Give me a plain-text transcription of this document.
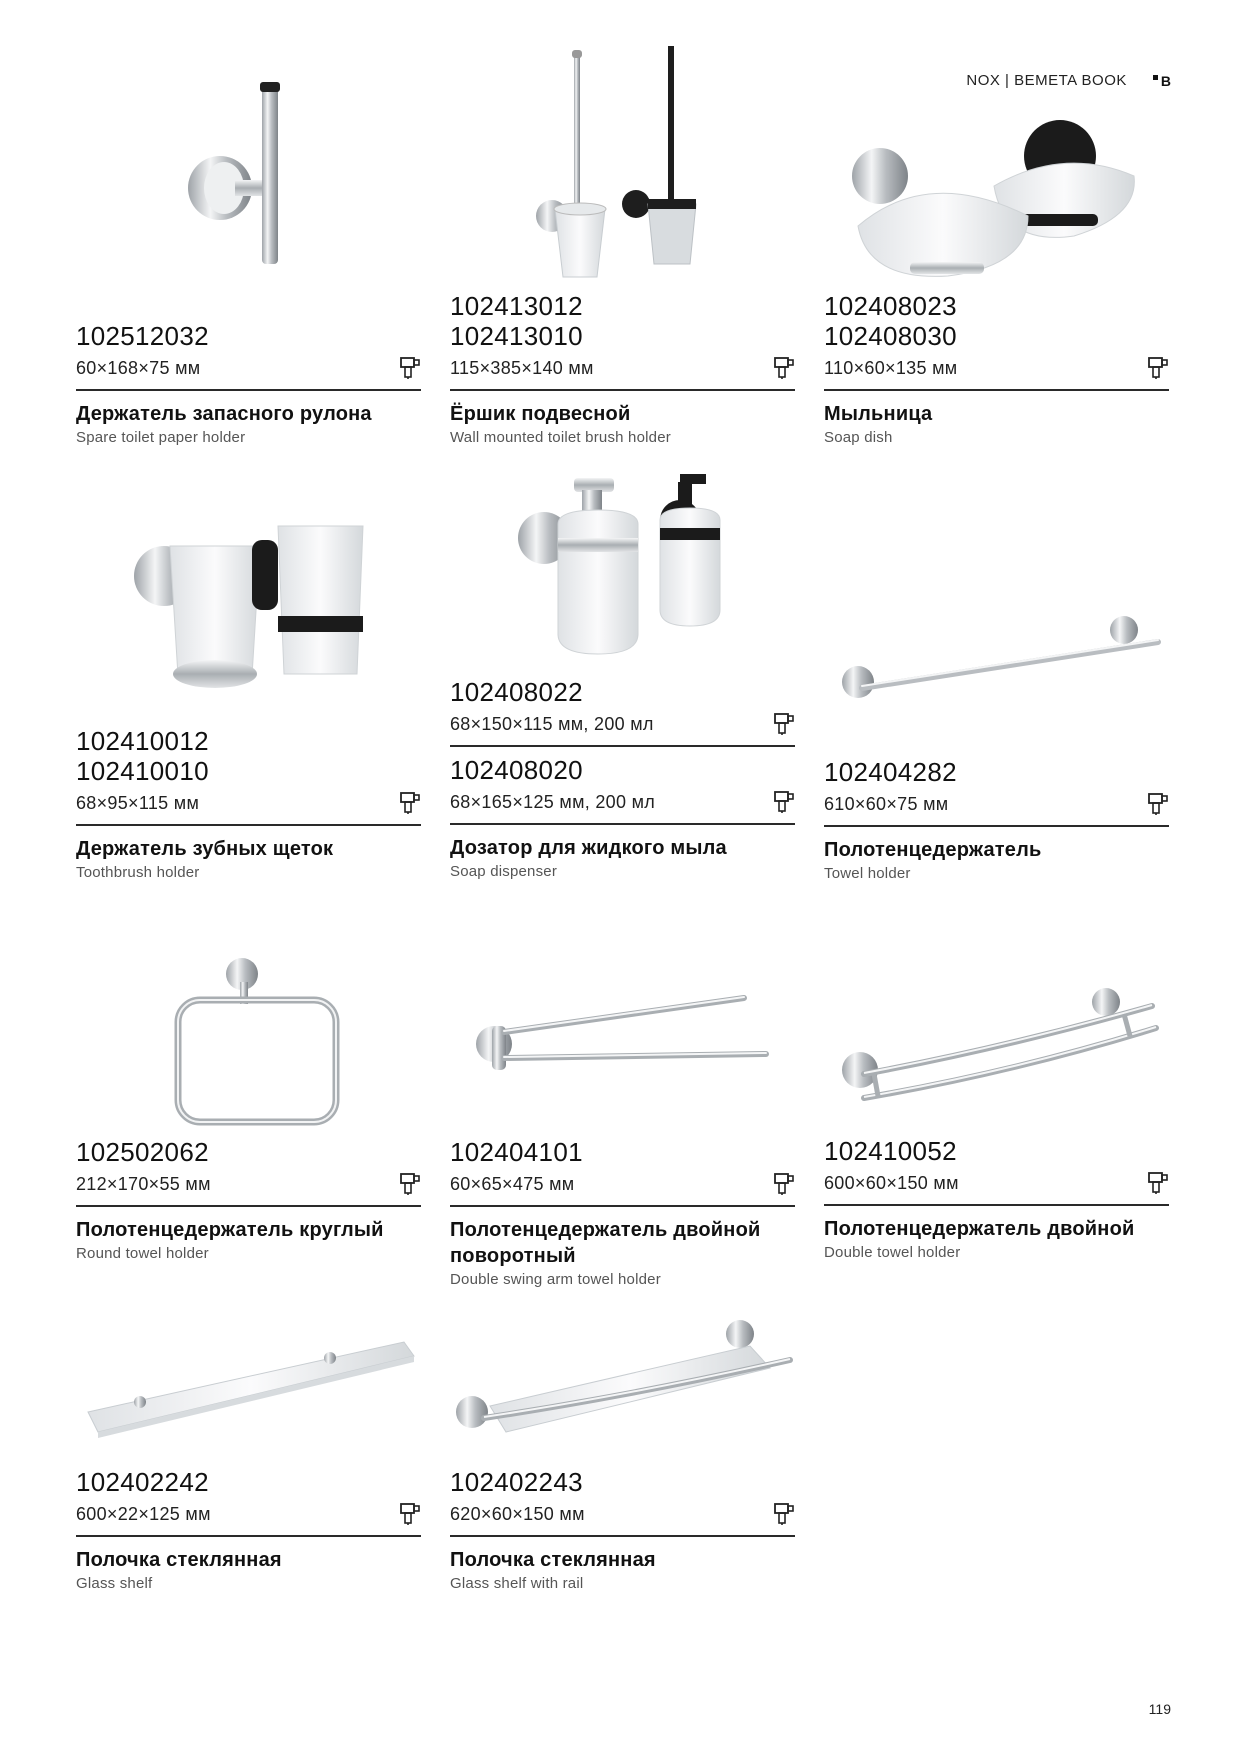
NOX | BEMETA BOOK	B
102512032
60×168×75 мм
Держатель запасного рулона
Spare toilet paper holder
102413012
102413010
115×385×140 мм
Ёршик подвесной
Wall mounted toilet brush holder
102408023
102408030
110×60×135 мм
Мыльница
Soap dish
102410012
102410010
68×95×115 мм
Держатель зубных щеток
Toothbrush holder
102408022
68×150×115 мм, 200 мл
102408020
68×165×125 мм, 200 мл
Дозатор для жидкого мыла
Soap dispenser
102404282
610×60×75 мм
Полотенцедержатель
Towel holder
102502062
212×170×55 мм
Полотенцедержатель круглый
Round towel holder
102404101
60×65×475 мм
Полотенцедержатель двойной поворотный
Double swing arm towel holder
102410052
600×60×150 мм
Полотенцедержатель двойной
Double towel holder
102402242
600×22×125 мм
Полочка стеклянная
Glass shelf
102402243
620×60×150 мм
Полочка стеклянная
Glass shelf with rail
119
